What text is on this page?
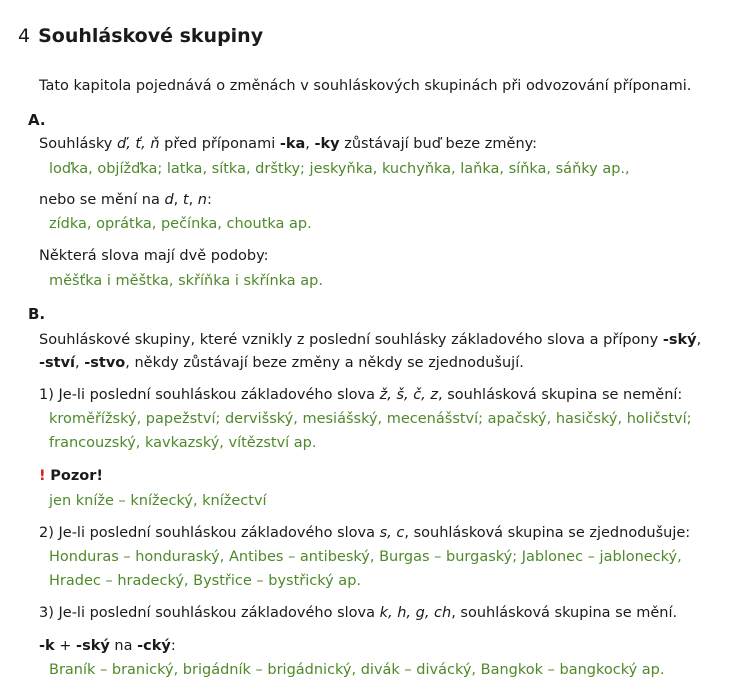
4 Souhláskové skupiny
Tato kapitola pojednává o změnách v souhláskových skupinách při odvozování příponami.
A.
Souhlásky ď, ť, ň před příponami -ka, -ky zůstávají buď beze změny:
loďka, objížďka; latka, sítka, drštky; jeskyňka, kuchyňka, laňka, síňka, sáňky ap.,
nebo se mění na d, t, n:
zídka, oprátka, pečínka, choutka ap.
Některá slova mají dvě podoby:
měšťka i měštka, skříňka i skřínka ap.
B.
Souhláskové skupiny, které vznikly z poslední souhlásky základového slova a přípony -ský,
-ství, -stvo, někdy zůstávají beze změny a někdy se zjednodušují.
1) Je-li poslední souhláskou základového slova ž, š, č, z, souhlásková skupina se nemění:
kroměřížský, papežství; dervišský, mesiášský, mecenášství; apačský, hasičský, holičství;
francouzský, kavkazský, vítězství ap.
! Pozor!
jen kníže – knížecký, knížectví
2) Je-li poslední souhláskou základového slova s, c, souhlásková skupina se zjednodušuje:
Honduras – honduraský, Antibes – antibeský, Burgas – burgaský; Jablonec – jablonecký,
Hradec – hradecký, Bystřice – bystřický ap.
3) Je-li poslední souhláskou základového slova k, h, g, ch, souhlásková skupina se mění.
-k + -ský na -cký:
Braník – branický, brigádník – brigádnický, divák – divácký, Bangkok – bangkocký ap.
